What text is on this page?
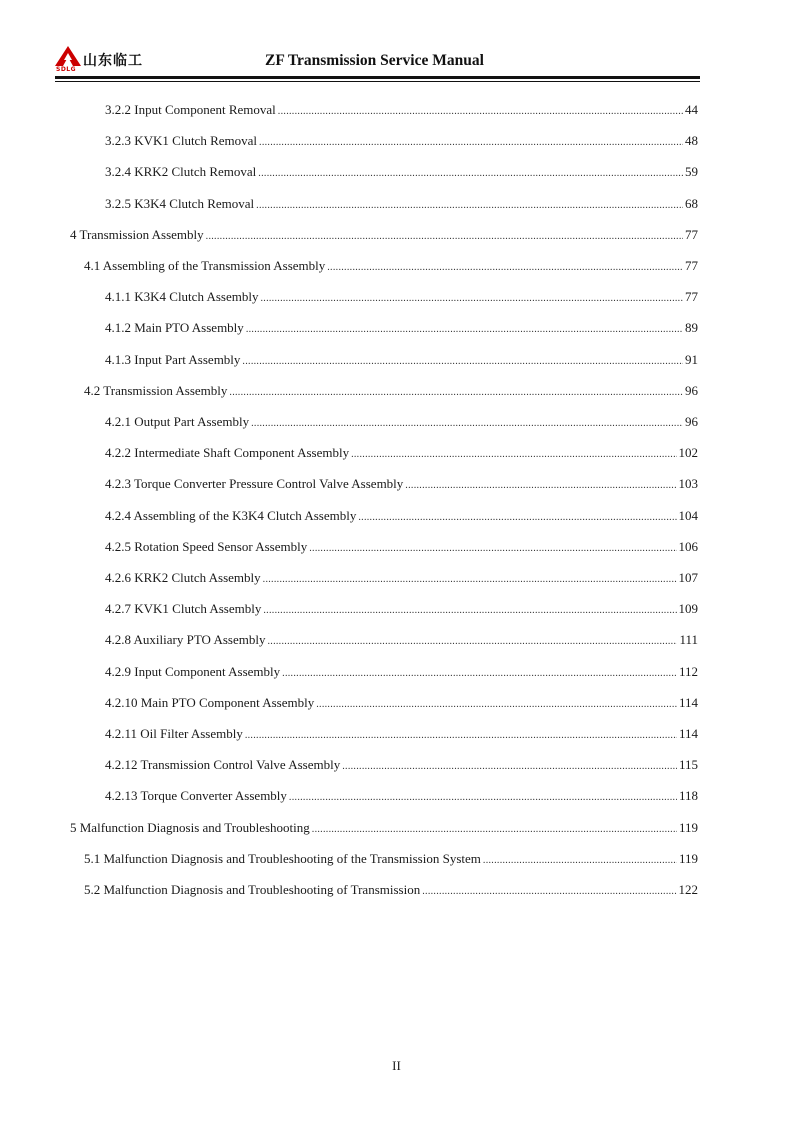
山东临工
SDLG
ZF Transmission Service Manual
3.2.2 Input Component Removal .....	44
3.2.3 KVK1 Clutch Removal .....	48
3.2.4 KRK2 Clutch Removal .....	59
3.2.5 K3K4 Clutch Removal .....	68
4 Transmission Assembly .....	77
4.1 Assembling of the Transmission Assembly .....	77
4.1.1 K3K4 Clutch Assembly .....	77
4.1.2 Main PTO Assembly .....	89
4.1.3 Input Part Assembly .....	91
4.2 Transmission Assembly .....	96
4.2.1 Output Part Assembly .....	96
4.2.2 Intermediate Shaft Component Assembly .....	102
4.2.3 Torque Converter Pressure Control Valve Assembly .....	103
4.2.4 Assembling of the K3K4 Clutch Assembly .....	104
4.2.5 Rotation Speed Sensor Assembly .....	106
4.2.6 KRK2 Clutch Assembly .....	107
4.2.7 KVK1 Clutch Assembly .....	109
4.2.8 Auxiliary PTO Assembly .....	111
4.2.9 Input Component Assembly .....	112
4.2.10 Main PTO Component Assembly .....	114
4.2.11 Oil Filter Assembly .....	114
4.2.12 Transmission Control Valve Assembly .....	115
4.2.13 Torque Converter Assembly .....	118
5 Malfunction Diagnosis and Troubleshooting .....	119
5.1 Malfunction Diagnosis and Troubleshooting of the Transmission System .....	119
5.2 Malfunction Diagnosis and Troubleshooting of Transmission .....	122
II
